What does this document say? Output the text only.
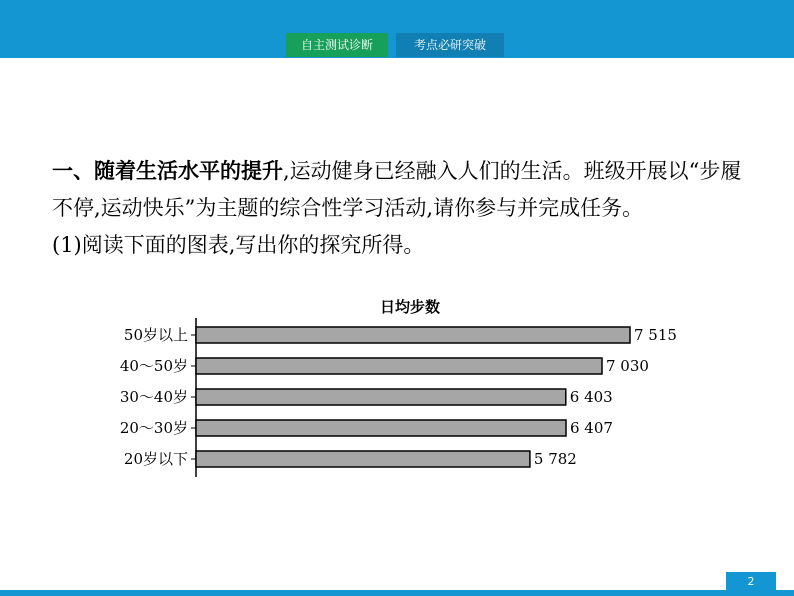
自主测试诊断	考点必研突破
一、随着生活水平的提升,运动健身已经融入人们的生活。班级开展以“步履不停,运动快乐”为主题的综合性学习活动,请你参与并完成任务。
(1)阅读下面的图表,写出你的探究所得。
日均步数
50岁以上	7 515
40～50岁	7 030
30～40岁	6 403
20～30岁	6 407
20岁以下	5 782
2
